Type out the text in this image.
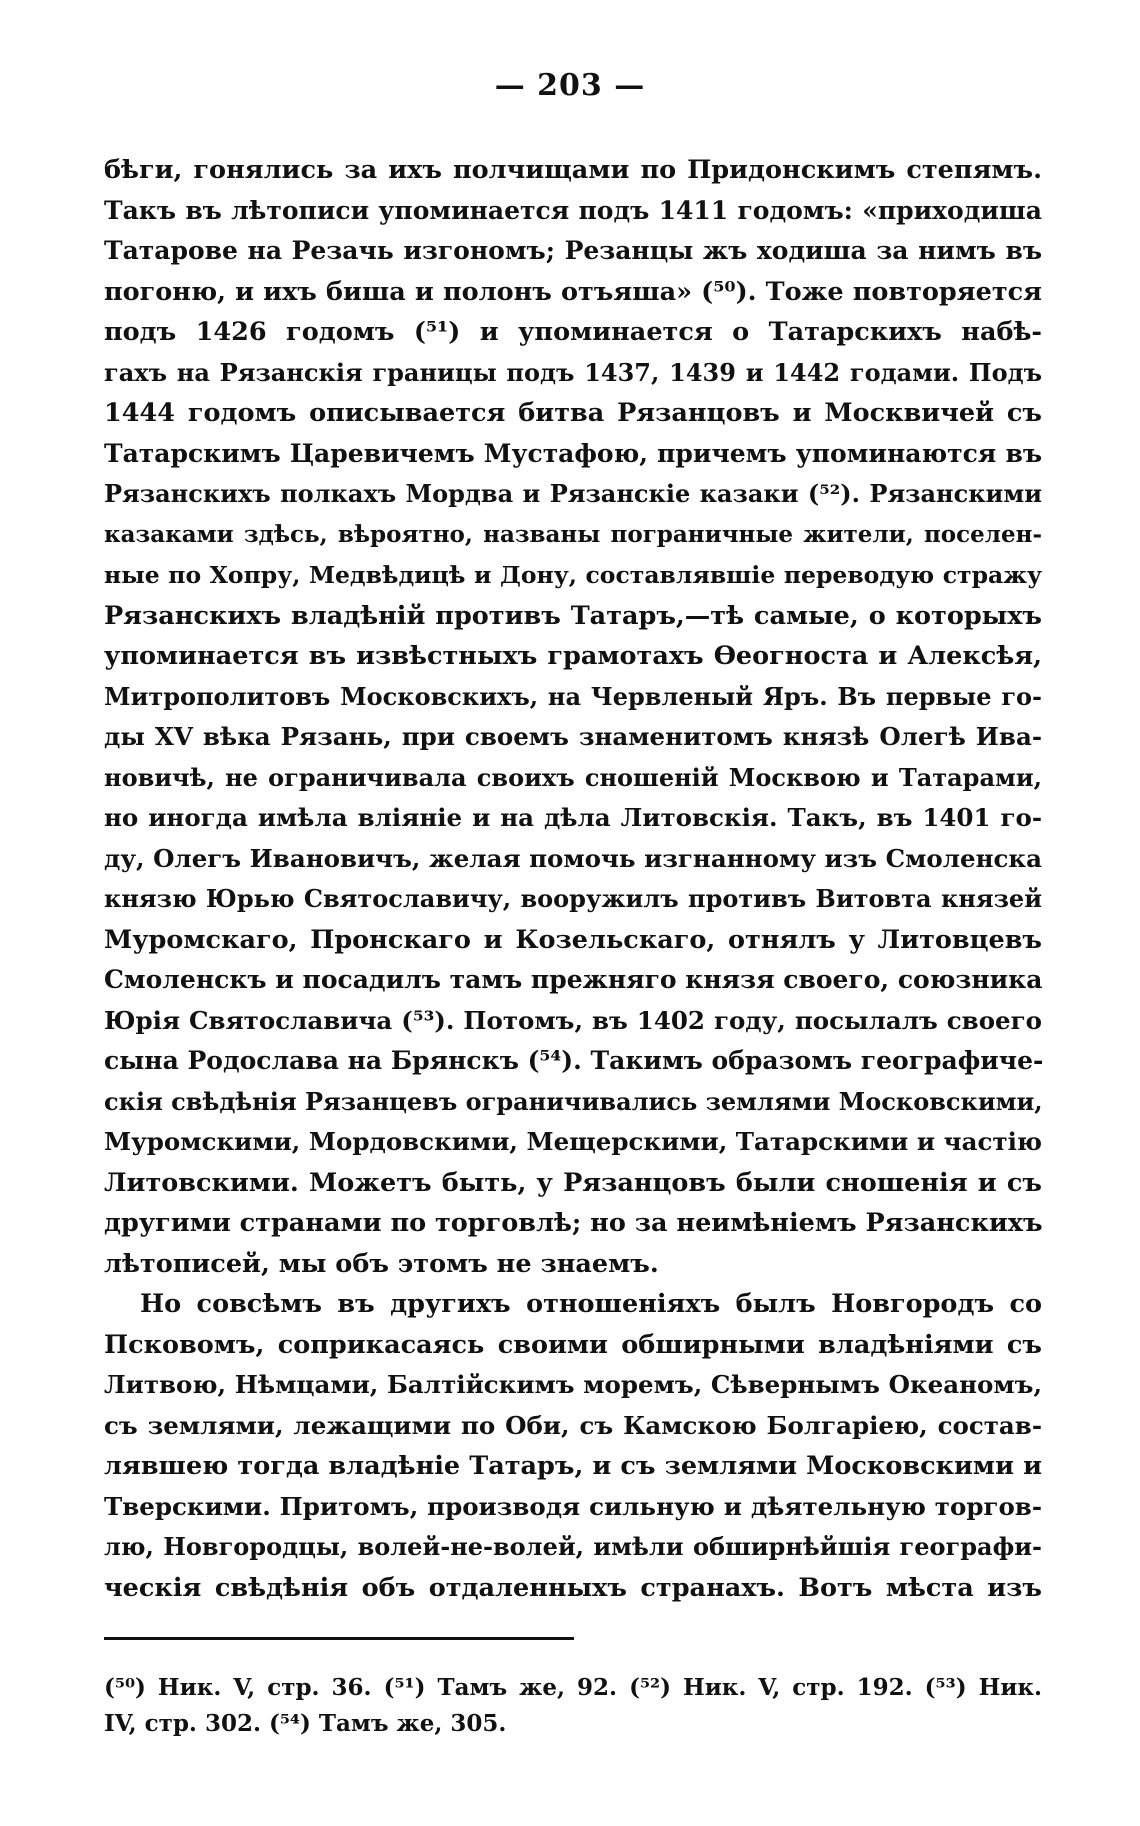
— 203 —
бѣги, гонялись за ихъ полчищами по Придонскимъ степямъ.
Такъ въ лѣтописи упоминается подъ 1411 годомъ: «приходиша
Татарове на Резачь изгономъ; Резанцы жъ ходиша за нимъ въ
погоню, и ихъ биша и полонъ отъяша» (⁵⁰). Тоже повторяется
подъ 1426 годомъ (⁵¹) и упоминается о Татарскихъ набѣ-
гахъ на Рязанскія границы подъ 1437, 1439 и 1442 годами. Подъ
1444 годомъ описывается битва Рязанцовъ и Москвичей съ
Татарскимъ Царевичемъ Мустафою, причемъ упоминаются въ
Рязанскихъ полкахъ Мордва и Рязанскіе казаки (⁵²). Рязанскими
казаками здѣсь, вѣроятно, названы пограничные жители, поселен-
ные по Хопру, Медвѣдицѣ и Дону, составлявшіе переводую стражу
Рязанскихъ владѣній противъ Татаръ,—тѣ самые, о которыхъ
упоминается въ извѣстныхъ грамотахъ Ѳеогноста и Алексѣя,
Митрополитовъ Московскихъ, на Червленый Яръ. Въ первые го-
ды XV вѣка Рязань, при своемъ знаменитомъ князѣ Олегѣ Ива-
новичѣ, не ограничивала своихъ сношеній Москвою и Татарами,
но иногда имѣла вліяніе и на дѣла Литовскія. Такъ, въ 1401 го-
ду, Олегъ Ивановичъ, желая помочь изгнанному изъ Смоленска
князю Юрью Святославичу, вооружилъ противъ Витовта князей
Муромскаго, Пронскаго и Козельскаго, отнялъ у Литовцевъ
Смоленскъ и посадилъ тамъ прежняго князя своего, союзника
Юрія Святославича (⁵³). Потомъ, въ 1402 году, посылалъ своего
сына Родослава на Брянскъ (⁵⁴). Такимъ образомъ географиче-
скія свѣдѣнія Рязанцевъ ограничивались землями Московскими,
Муромскими, Мордовскими, Мещерскими, Татарскими и частію
Литовскими. Можетъ быть, у Рязанцовъ были сношенія и съ
другими странами по торговлѣ; но за неимѣніемъ Рязанскихъ
лѣтописей, мы объ этомъ не знаемъ.
Но совсѣмъ въ другихъ отношеніяхъ былъ Новгородъ со
Псковомъ, соприкасаясь своими обширными владѣніями съ
Литвою, Нѣмцами, Балтійскимъ моремъ, Сѣвернымъ Океаномъ,
съ землями, лежащими по Оби, съ Камскою Болгаріею, состав-
лявшею тогда владѣніе Татаръ, и съ землями Московскими и
Тверскими. Притомъ, производя сильную и дѣятельную торгов-
лю, Новгородцы, волей-не-волей, имѣли обширнѣйшія географи-
ческія свѣдѣнія объ отдаленныхъ странахъ. Вотъ мѣста изъ
(⁵⁰) Ник. V, стр. 36. (⁵¹) Тамъ же, 92. (⁵²) Ник. V, стр. 192. (⁵³) Ник.
IV, стр. 302. (⁵⁴) Тамъ же, 305.
